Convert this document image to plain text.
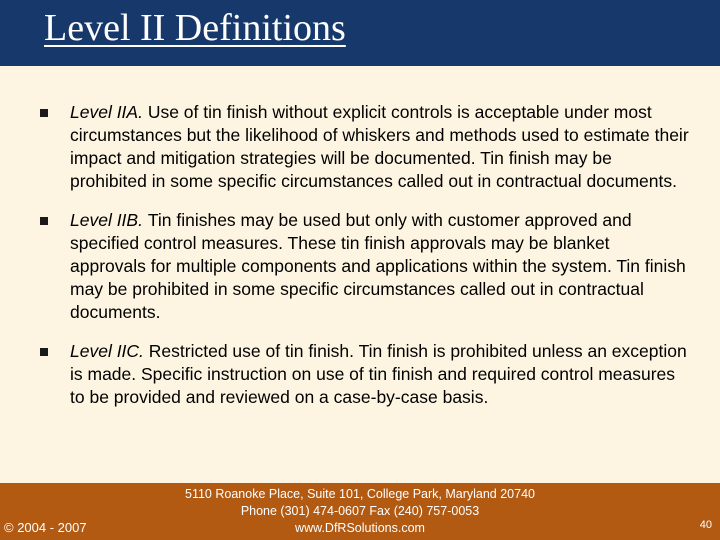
Level II Definitions
Level IIA. Use of tin finish without explicit controls is acceptable under most circumstances but the likelihood of whiskers and methods used to estimate their impact and mitigation strategies will be documented. Tin finish may be prohibited in some specific circumstances called out in contractual documents.
Level IIB. Tin finishes may be used but only with customer approved and specified control measures. These tin finish approvals may be blanket approvals for multiple components and applications within the system. Tin finish may be prohibited in some specific circumstances called out in contractual documents.
Level IIC. Restricted use of tin finish. Tin finish is prohibited unless an exception is made. Specific instruction on use of tin finish and required control measures to be provided and reviewed on a case-by-case basis.
© 2004 - 2007
5110 Roanoke Place, Suite 101, College Park, Maryland 20740
Phone (301) 474-0607 Fax (240) 757-0053
www.DfRSolutions.com	40
